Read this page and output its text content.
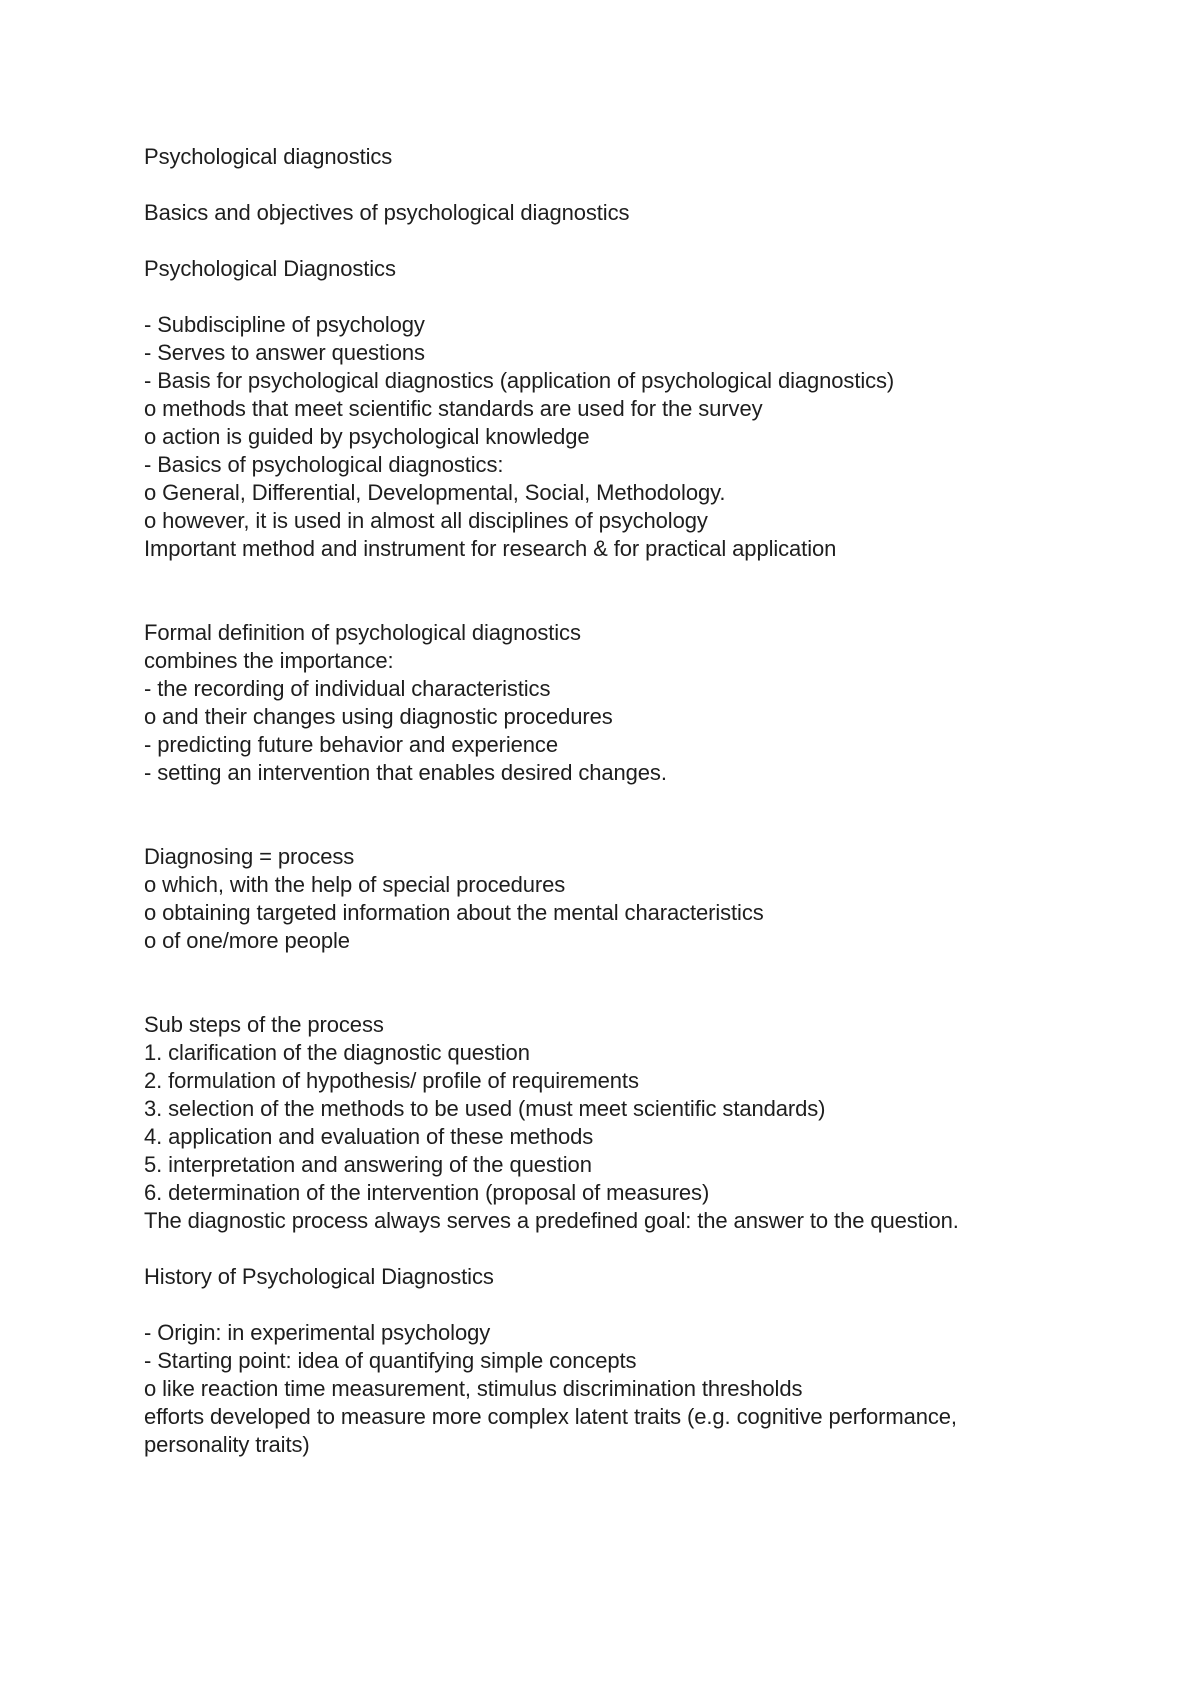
Psychological diagnostics

Basics and objectives of psychological diagnostics

Psychological Diagnostics

- Subdiscipline of psychology

- Serves to answer questions

- Basis for psychological diagnostics (application of psychological diagnostics)

o methods that meet scientific standards are used for the survey

o action is guided by psychological knowledge

- Basics of psychological diagnostics:

o General, Differential, Developmental, Social, Methodology.

o however, it is used in almost all disciplines of psychology

Important method and instrument for research & for practical application

Formal definition of psychological diagnostics

combines the importance:

- the recording of individual characteristics

o and their changes using diagnostic procedures

- predicting future behavior and experience

- setting an intervention that enables desired changes.

Diagnosing = process

o which, with the help of special procedures

o obtaining targeted information about the mental characteristics

o of one/more people

Sub steps of the process

1. clarification of the diagnostic question

2. formulation of hypothesis/ profile of requirements

3. selection of the methods to be used (must meet scientific standards)

4. application and evaluation of these methods

5. interpretation and answering of the question

6. determination of the intervention (proposal of measures)

The diagnostic process always serves a predefined goal: the answer to the question.

History of Psychological Diagnostics

- Origin: in experimental psychology

- Starting point: idea of quantifying simple concepts

o like reaction time measurement, stimulus discrimination thresholds

efforts developed to measure more complex latent traits (e.g. cognitive performance,

personality traits)
